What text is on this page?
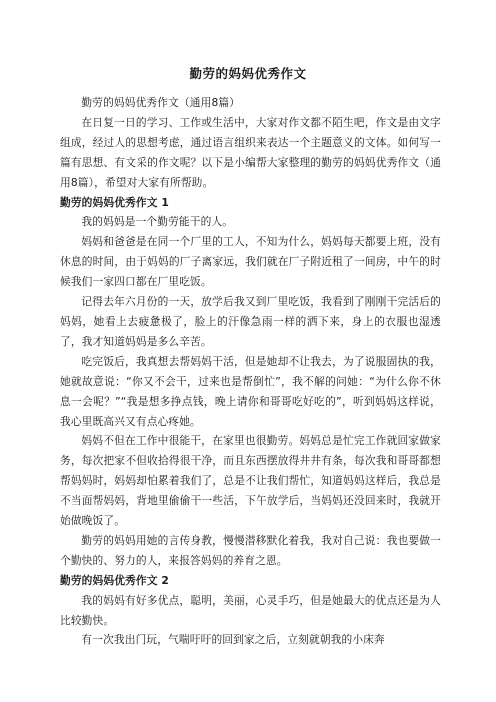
勤劳的妈妈优秀作文

勤劳的妈妈优秀作文（通用8篇）

在日复一日的学习、工作或生活中，大家对作文都不陌生吧，作文是由文字组成，经过人的思想考虑，通过语言组织来表达一个主题意义的文体。如何写一篇有思想、有文采的作文呢？以下是小编帮大家整理的勤劳的妈妈优秀作文（通用8篇），希望对大家有所帮助。

勤劳的妈妈优秀作文 1

我的妈妈是一个勤劳能干的人。

妈妈和爸爸是在同一个厂里的工人，不知为什么，妈妈每天都要上班，没有休息的时间，由于妈妈的厂子离家远，我们就在厂子附近租了一间房，中午的时候我们一家四口都在厂里吃饭。

记得去年六月份的一天，放学后我又到厂里吃饭，我看到了刚刚干完活后的妈妈，她看上去疲惫极了，脸上的汗像急雨一样的洒下来，身上的衣服也湿透了，我才知道妈妈是多么辛苦。

吃完饭后，我真想去帮妈妈干活，但是她却不让我去，为了说服固执的我，她就故意说：“你又不会干，过来也是帮倒忙”，我不解的问她：“为什么你不休息一会呢？”“我是想多挣点钱，晚上请你和哥哥吃好吃的”，听到妈妈这样说，我心里既高兴又有点心疼她。

妈妈不但在工作中很能干，在家里也很勤劳。妈妈总是忙完工作就回家做家务，每次把家不但收拾得很干净，而且东西摆放得井井有条，每次我和哥哥都想帮妈妈时，妈妈却怕累着我们了，总是不让我们帮忙，知道妈妈这样后，我总是不当面帮妈妈，背地里偷偷干一些活，下午放学后，当妈妈还没回来时，我就开始做晚饭了。

勤劳的妈妈用她的言传身教，慢慢潜移默化着我，我对自己说：我也要做一个勤快的、努力的人，来报答妈妈的养育之恩。

勤劳的妈妈优秀作文 2

我的妈妈有好多优点，聪明，美丽，心灵手巧，但是她最大的优点还是为人比较勤快。

有一次我出门玩，气喘吁吁的回到家之后，立刻就朝我的小床奔
